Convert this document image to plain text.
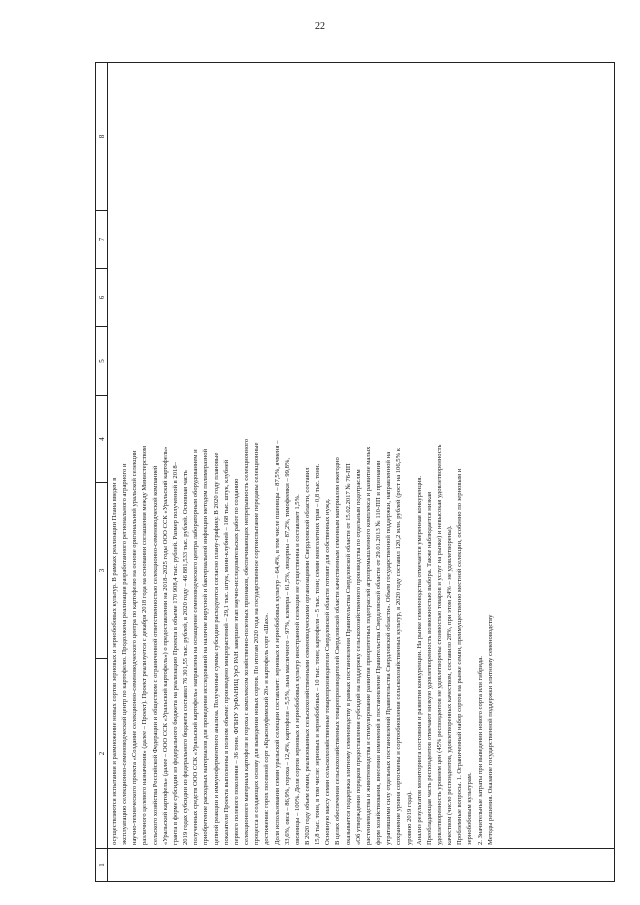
22
1
2
3
4
5
6
7
8
осуществляются испытания и размножение новых сортов зерновых и зернобобовых культур. В рамках реализации Плана введен в эксплуатацию селекционно-семеноводческий центр по картофелю. Продолжена реализация разработанного регионального аграрного и научно-технического проекта «Создание селекционно-семеноводческого центра по картофелю на основе оригинальной уральской селекции различного целевого назначения» (далее – Проект). Проект реализуется с декабря 2018 года на основании соглашения между Министерством сельского хозяйства Российской Федерации и обществом с ограниченной ответственностью селекционно-семеноводческой компанией «Уральский картофель» (далее – ООО ССК «Уральский картофель») о предоставлении на 2018–2025 годы ООО ССК «Уральский картофель» гранта в форме субсидии из федерального бюджета на реализацию Проекта в объеме 170 908,4 тыс. рублей. Размер полученной в 2018– 2019 годах субсидии из федерального бюджета составил 76 301,55 тыс. рублей, в 2020 году – 46 881,533 тыс. рублей. Основная часть полученных средств ООО ССК «Уральский картофель» направлена на оснащение семеноводческого центра лабораторным оборудованием и приобретение расходных материалов для проведения исследований на наличие вирусной и бактериальной инфекции методом полимеразной цепной реакции и иммуноферментного анализа. Полученные суммы субсидии расходуются согласно плану-графику. В 2020 году плановые показатели Проекта выполнены в полном объеме: произведено микрорастений – 29,1 тыс. штук, мини-клубней – 168 тыс. штук, клубней первого полевого поколения – 36 тонн. ФГБНУ УрФАНИЦ УрО РАН завершен этап научно-исследовательских работ по созданию селекционного материала картофеля и гороха с комплексом хозяйственно-полезных признаков, обеспечивающих непрерывность селекционного процесса и создающих основу для выведения новых сортов. По итогам 2020 года на государственное сортоиспытание переданы селекционные достижения: горох посевной сорт «Красноуфимский 20» и картофель сорт «Шах». Доля использования семян уральской селекции составляет: зерновых и зернобобовых культур – 64,4%, в том числе пшеницы – 87,5%, ячменя – 33,6%, овса – 86,9%, гороха – 12,4%, картофеля – 5,5%, льна масличного – 97%, клевера – 61,5%, люцерны – 87,2%, тимофеевки – 99,8%, овсяницы – 100%. Доля сортов зерновых и зернобобовых культур иностранной селекции не существенна и составляет 1,5%. В 2020 году объем семян, реализованных сельскохозяйственными семеноводческими организациями Свердловской области, составил 15,8 тыс. тонн, в том числе: зерновых и зернобобовых – 10 тыс. тонн; картофеля – 5 тыс. тонн; семян многолетних трав – 0,8 тыс. тонн. Основную массу семян сельскохозяйственные товаропроизводители Свердловской области готовят для собственных нужд. В целях обеспечения сельскохозяйственных товаропроизводителей Свердловской области качественным семенным материалом ежегодно оказывается поддержка элитному семеноводству в рамках постановления Правительства Свердловской области от 15.02.2017 № 76-ПП «Об утверждении порядков предоставления субсидий на поддержку сельскохозяйственного производства по отдельным подотраслям растениеводства и животноводства и стимулирование развития приоритетных подотраслей агропромышленного комплекса и развитие малых форм хозяйствования, внесении изменений в постановление Правительства Свердловской области от 29.01.2013 № 110-ПП и признании утратившими силу отдельных постановлений Правительства Свердловской области». Объем государственной поддержки, направленной на сохранение уровня сортосмены и сортообновления сельскохозяйственных культур, в 2020 году составил 120,2 млн. рублей (рост на 106,5% к уровню 2019 года). Анализ результатов мониторинга состояния и развития конкуренции. На рынке семеноводства отмечается умеренная конкуренция. Преобладающая часть респондентов отмечают низкую удовлетворенность возможностью выбора. Также наблюдается низкая удовлетворенность уровнем цен (45% респондентов не удовлетворены стоимостью товаров и услуг на рынке) и невысокая удовлетворенность качеством (число респондентов, удовлетворенных качеством, составило 28%, при этом 24% – не удовлетворены). Проблемные вопросы. 1. Ограниченный набор сортов на рынке семян, преимущественно местной селекции, особенно по зерновым и зернобобовым культурам. 2. Значительные затраты при выведении нового сорта или гибрида. Методы решения. Оказание государственной поддержки элитному семеноводству
